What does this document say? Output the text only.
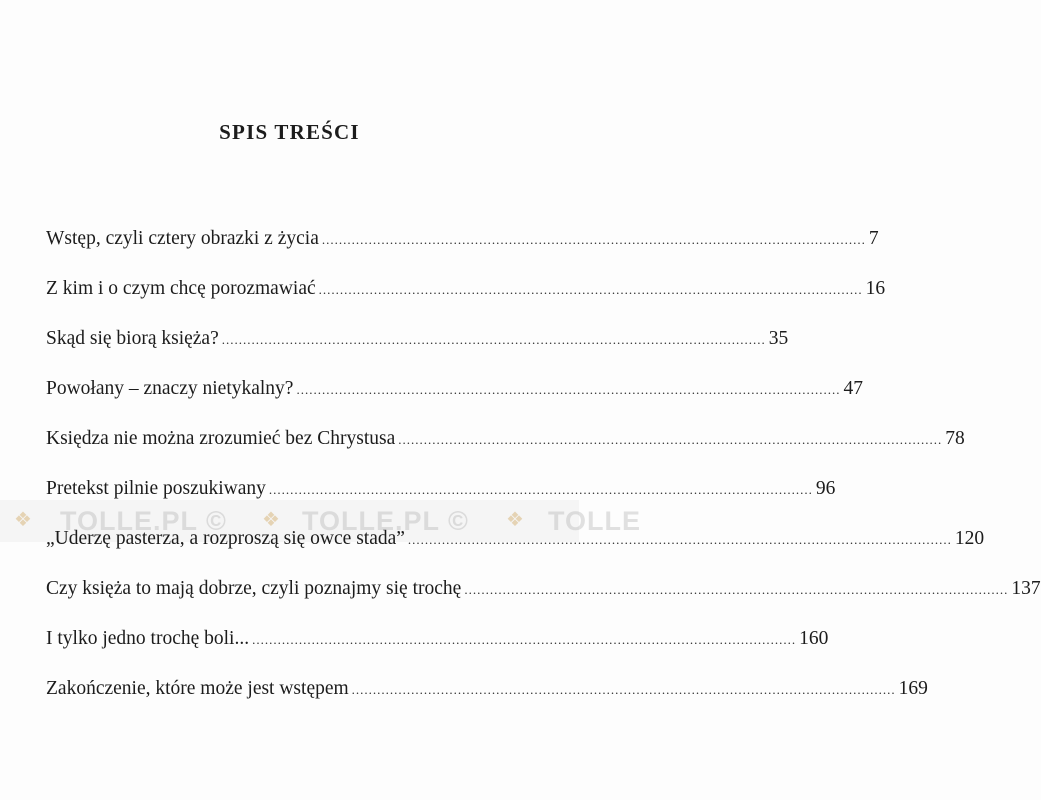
SPIS TREŚCI
Wstęp, czyli cztery obrazki z życia .....	7
Z kim i o czym chcę porozmawiać .....	16
Skąd się biorą księża? .....	35
Powołany – znaczy nietykalny? .....	47
Księdza nie można zrozumieć bez Chrystusa .....	78
Pretekst pilnie poszukiwany .....	96
„Uderzę pasterza, a rozproszą się owce stada” .....	120
Czy księża to mają dobrze, czyli poznajmy się trochę .....	137
I tylko jedno trochę boli... .....	160
Zakończenie, które może jest wstępem .....	169
❖ TOLLE.PL © ❖ TOLLE.PL © ❖ TOLLE
